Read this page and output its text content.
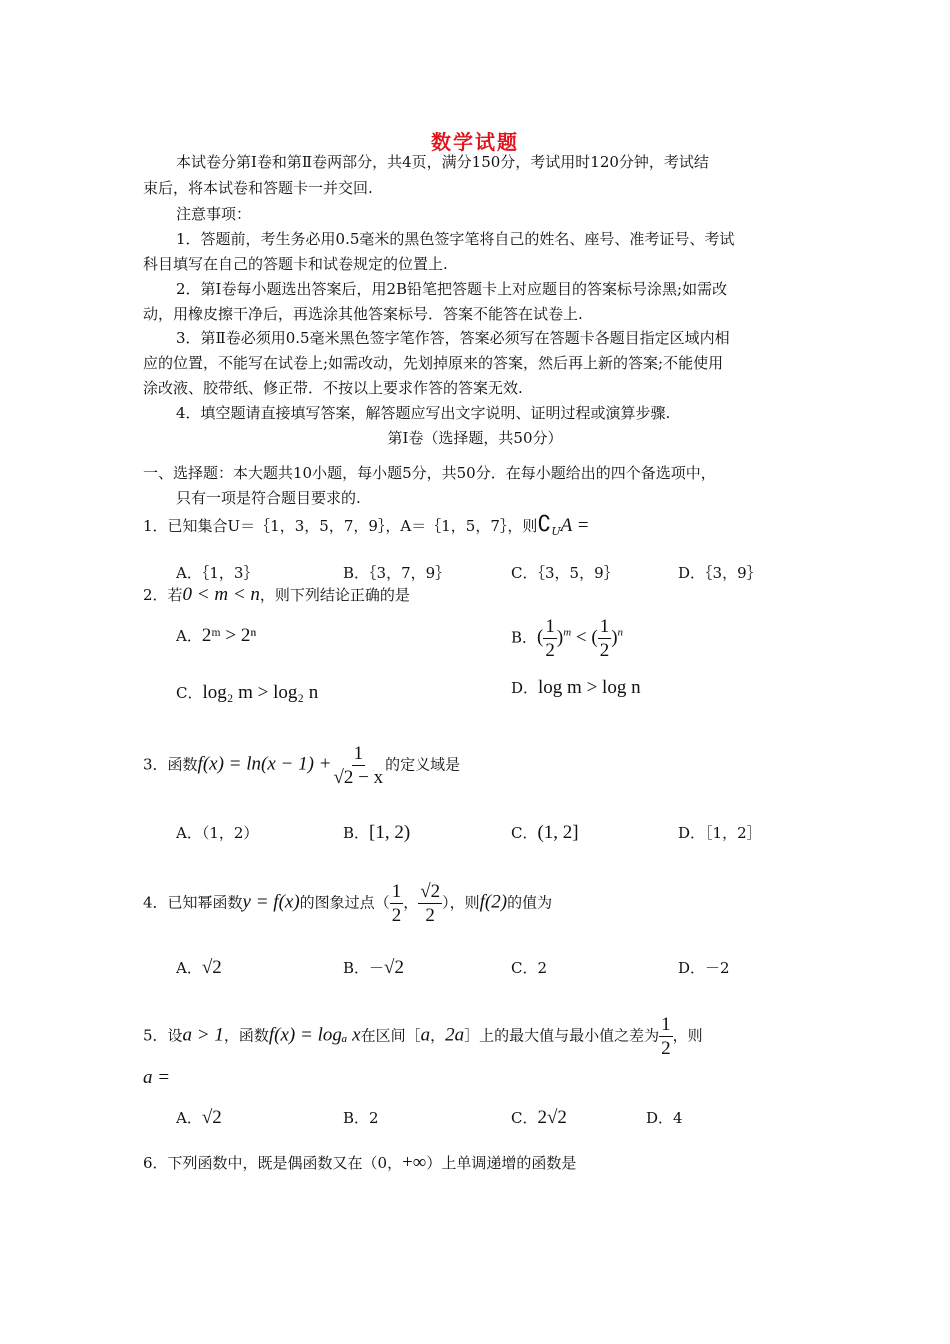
数学试题
本试卷分第Ⅰ卷和第Ⅱ卷两部分，共4页，满分150分，考试用时120分钟，考试结
束后，将本试卷和答题卡一并交回.
注意事项：
1．答题前，考生务必用0.5毫米的黑色签字笔将自己的姓名、座号、准考证号、考试
科目填写在自己的答题卡和试卷规定的位置上.
2．第Ⅰ卷每小题选出答案后，用2B铅笔把答题卡上对应题目的答案标号涂黑;如需改
动，用橡皮擦干净后，再选涂其他答案标号．答案不能答在试卷上.
3．第Ⅱ卷必须用0.5毫米黑色签字笔作答，答案必须写在答题卡各题目指定区域内相
应的位置，不能写在试卷上;如需改动，先划掉原来的答案，然后再上新的答案;不能使用
涂改液、胶带纸、修正带．不按以上要求作答的答案无效.
4．填空题请直接填写答案，解答题应写出文字说明、证明过程或演算步骤.
第Ⅰ卷（选择题，共50分）
一、选择题：本大题共10小题，每小题5分，共50分．在每小题给出的四个备选项中，
只有一项是符合题目要求的.
1．已知集合U＝｛1，3，5，7，9｝，A＝｛1，5，7｝，则$∁_UA$ =
A．｛1，3｝	B．｛3，7，9｝	C．｛3，5，9｝	D．｛3，9｝
2．若0 < m < n，则下列结论正确的是
A．2ᵐ > 2ⁿ	B．( $\frac{1}{2} )^m$ < ( $\frac{1}{2} )^n$
C．log₂ m > log₂ n	D．log m > log n
3．函数$f(x) = \ln(x - 1) + \frac{1}{√2 - x}$ 的定义域是
A．（1，2）	B．[1, 2)	C．(1, 2]	D．［1，2］
4．已知幂函数y = f(x)的图象过点（ $\frac{1}{2}$ ， $\frac{√2}{2}$ ），则f(2)的值为
A．√2	B．－√2	C．2	D．－2
5．设a > 1，函数f(x) = logₐ x在区间［a，2a］上的最大值与最小值之差为 $\frac{1}{2}$ ，则
a =
A．√2	B．2	C．2√2	D．4
6．下列函数中，既是偶函数又在（0，+∞）上单调递增的函数是
